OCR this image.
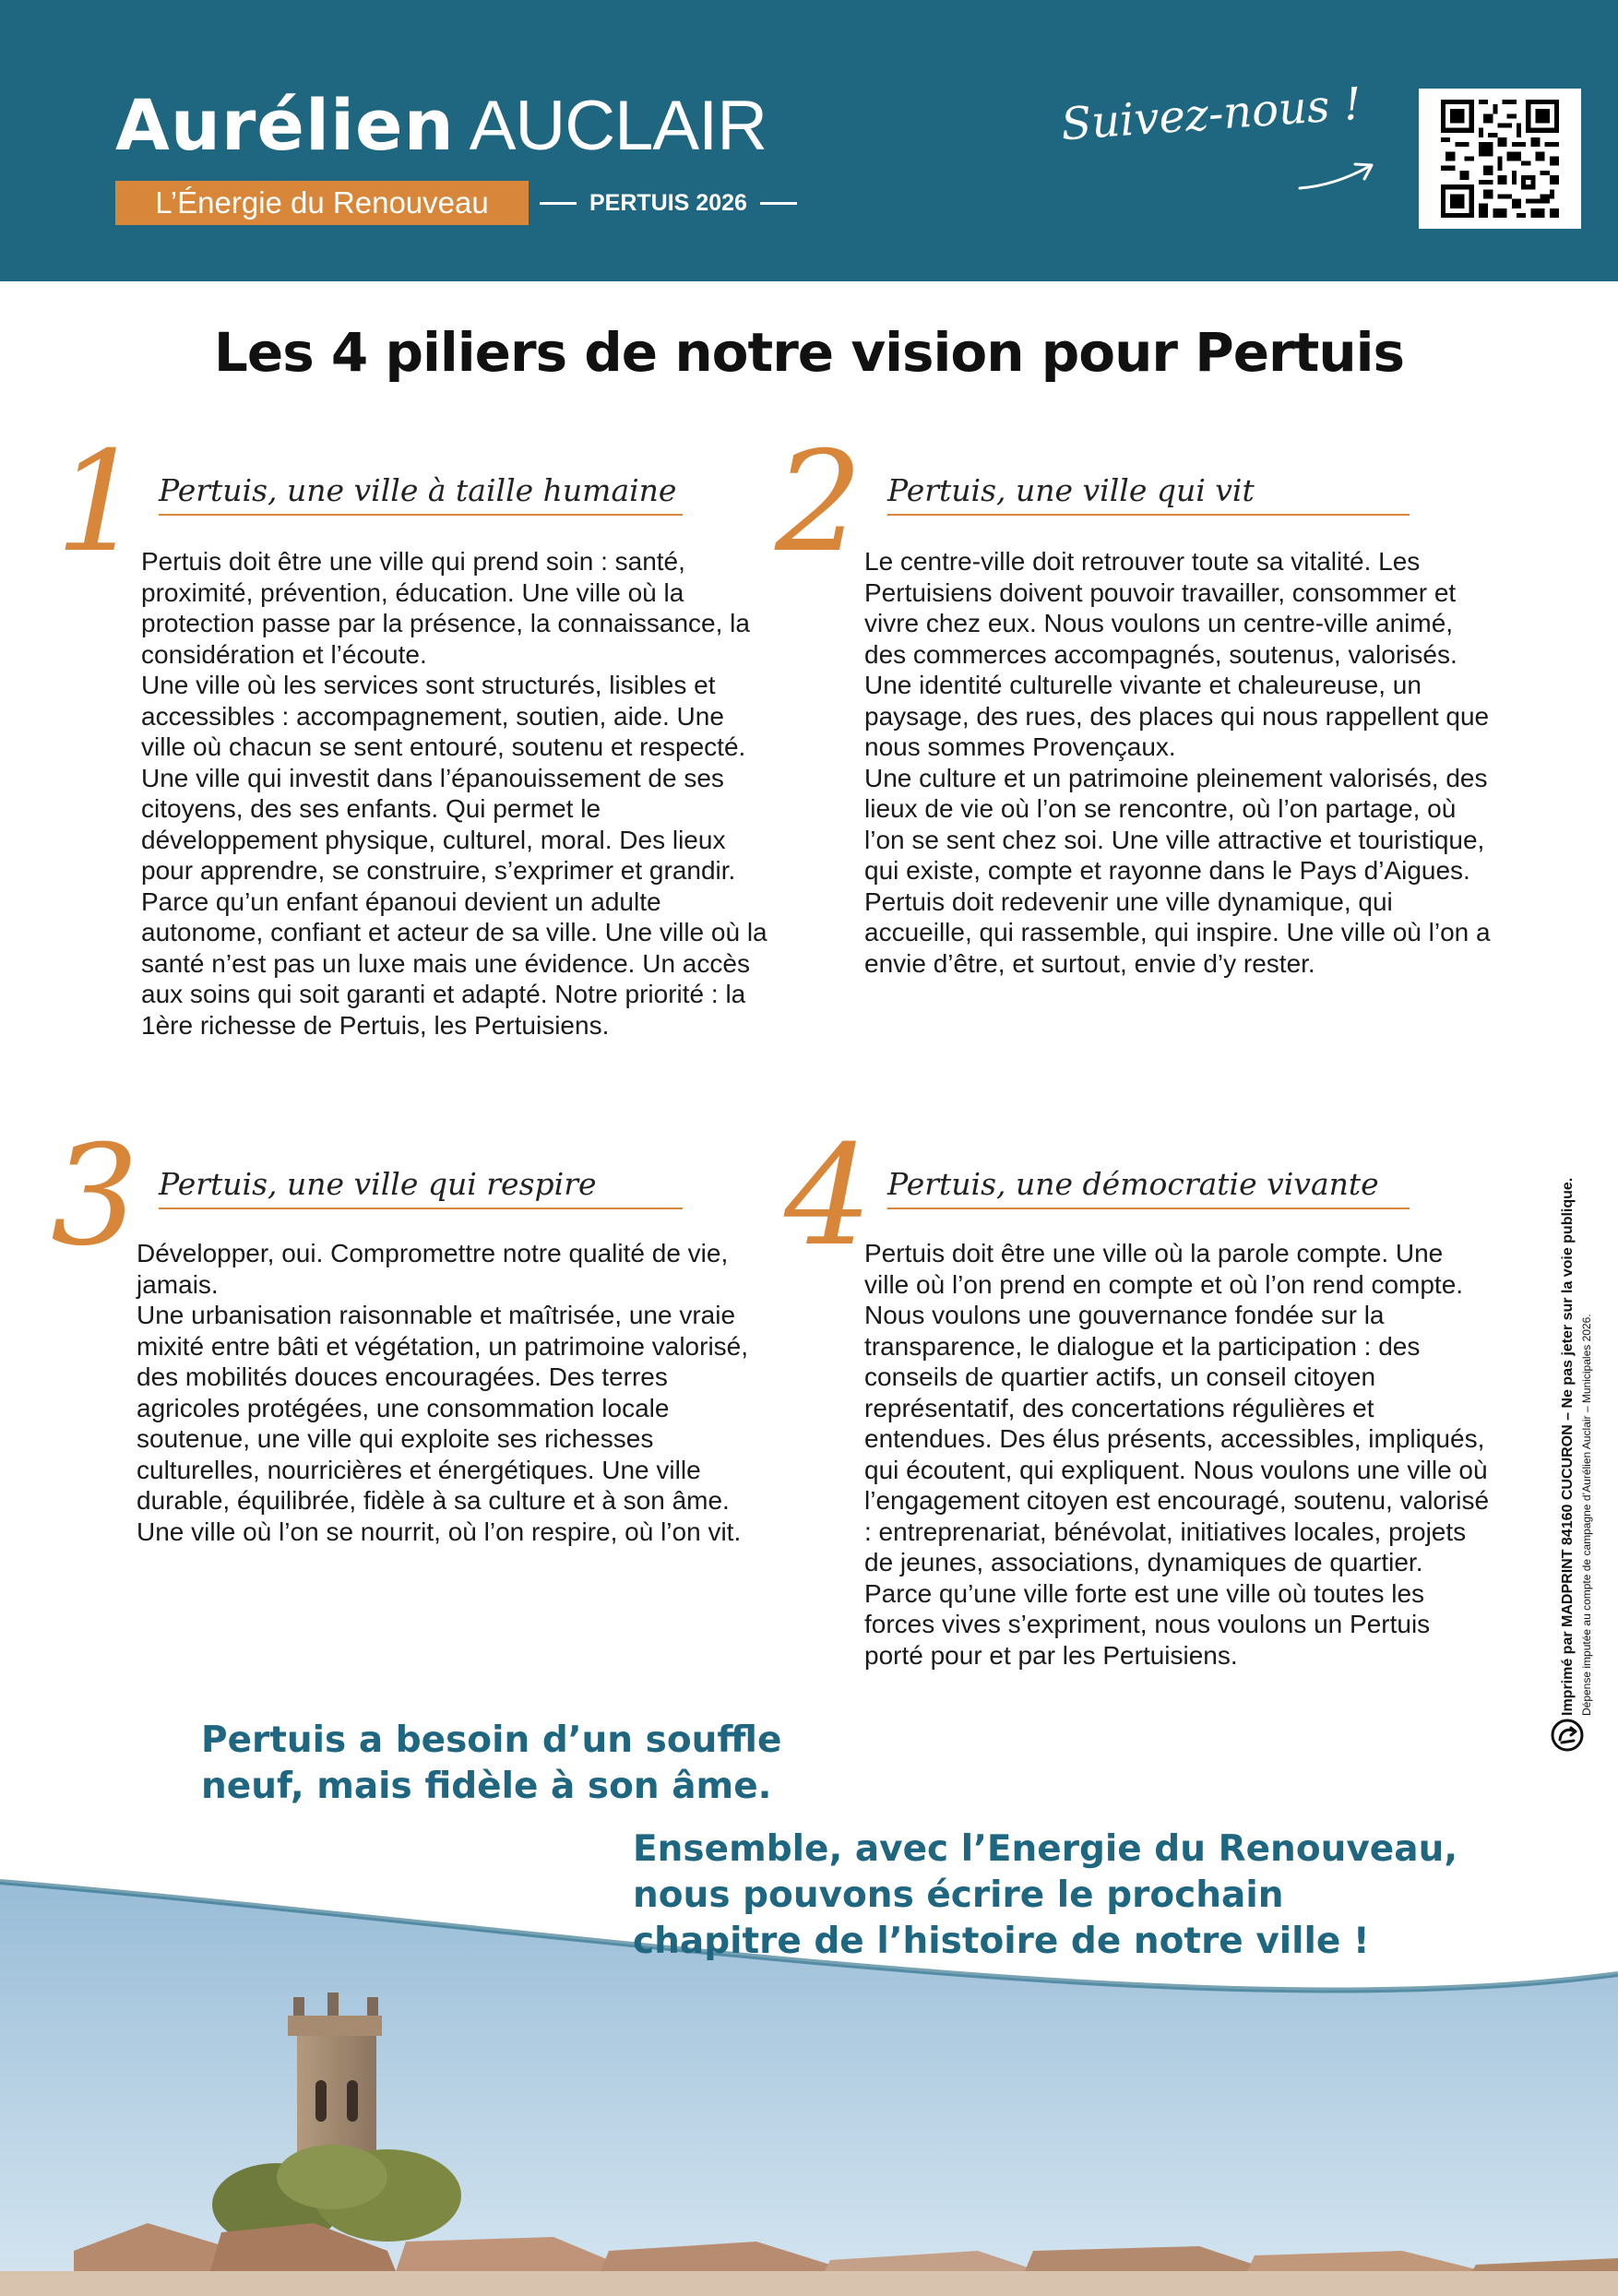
Aurélien AUCLAIR
L’Énergie du Renouveau	PERTUIS 2026
Suivez-nous !
Les 4 piliers de notre vision pour Pertuis
1 Pertuis, une ville à taille humaine

Pertuis doit être une ville qui prend soin : santé, proximité, prévention, éducation. Une ville où la protection passe par la présence, la connaissance, la considération et l’écoute.

Une ville où les services sont structurés, lisibles et accessibles : accompagnement, soutien, aide. Une ville où chacun se sent entouré, soutenu et respecté. Une ville qui investit dans l’épanouissement de ses citoyens, des ses enfants. Qui permet le développement physique, culturel, moral. Des lieux pour apprendre, se construire, s’exprimer et grandir.

Parce qu’un enfant épanoui devient un adulte autonome, confiant et acteur de sa ville. Une ville où la santé n’est pas un luxe mais une évidence. Un accès aux soins qui soit garanti et adapté. Notre priorité : la 1ère richesse de Pertuis, les Pertuisiens.

2 Pertuis, une ville qui vit

Le centre-ville doit retrouver toute sa vitalité. Les Pertuisiens doivent pouvoir travailler, consommer et vivre chez eux. Nous voulons un centre-ville animé, des commerces accompagnés, soutenus, valorisés. Une identité culturelle vivante et chaleureuse, un paysage, des rues, des places qui nous rappellent que nous sommes Provençaux.

Une culture et un patrimoine pleinement valorisés, des lieux de vie où l’on se rencontre, où l’on partage, où l’on se sent chez soi. Une ville attractive et touristique,

qui existe, compte et rayonne dans le Pays d’Aigues. Pertuis doit redevenir une ville dynamique, qui accueille, qui rassemble, qui inspire. Une ville où l’on a envie d’être, et surtout, envie d’y rester.

3 Pertuis, une ville qui respire

Développer, oui. Compromettre notre qualité de vie, jamais.

Une urbanisation raisonnable et maîtrisée, une vraie mixité entre bâti et végétation, un patrimoine valorisé, des mobilités douces encouragées. Des terres agricoles protégées, une consommation locale soutenue, une ville qui exploite ses richesses culturelles, nourricières et énergétiques. Une ville durable, équilibrée, fidèle à sa culture et à son âme. Une ville où l’on se nourrit, où l’on respire, où l’on vit.

4 Pertuis, une démocratie vivante

Pertuis doit être une ville où la parole compte. Une ville où l’on prend en compte et où l’on rend compte. Nous voulons une gouvernance fondée sur la transparence, le dialogue et la participation : des conseils de quartier actifs, un conseil citoyen représentatif, des concertations régulières et entendues. Des élus présents, accessibles, impliqués, qui écoutent, qui expliquent. Nous voulons une ville où l’engagement citoyen est encouragé, soutenu, valorisé : entreprenariat, bénévolat, initiatives locales, projets de jeunes, associations, dynamiques de quartier. Parce qu’une ville forte est une ville où toutes les forces vives s’expriment, nous voulons un Pertuis porté pour et par les Pertuisiens.	Imprimé par MADPRINT 84160 CUCURON – Ne pas jeter sur la voie publique. Dépense imputée au compte de campagne d’Aurélien Auclair – Municipales 2026.
Pertuis a besoin d’un souffle
neuf, mais fidèle à son âme.
Ensemble, avec l’Energie du Renouveau,
nous pouvons écrire le prochain
chapitre de l’histoire de notre ville !
